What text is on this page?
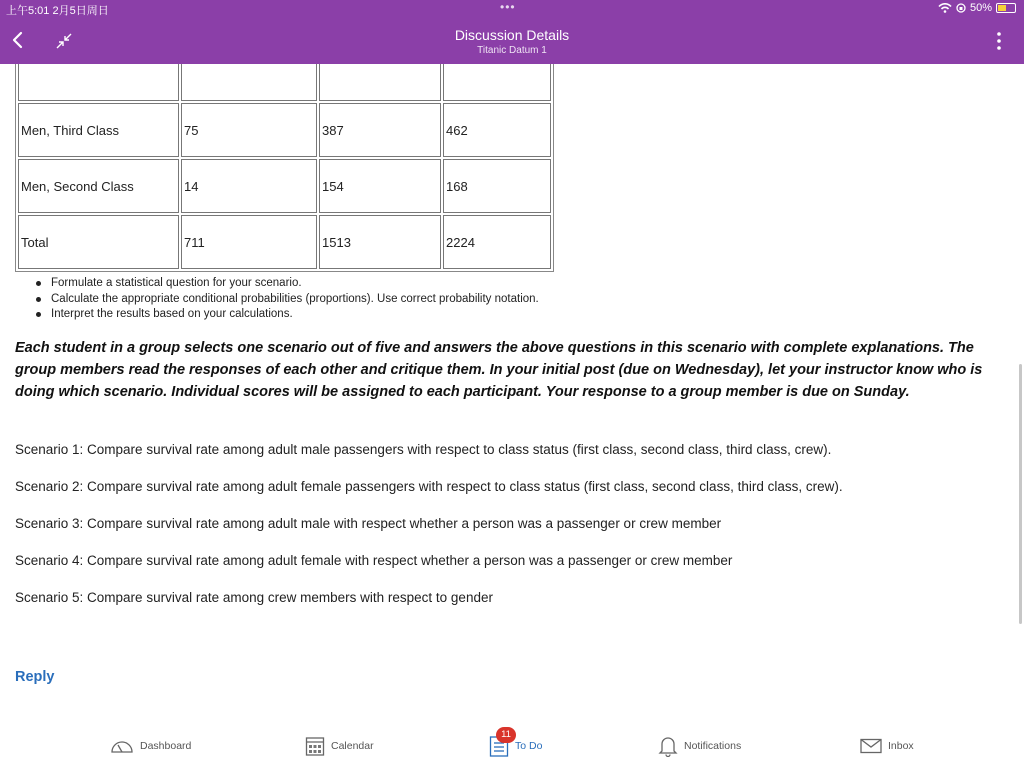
上午5:01 2月5日周日	•••	50%
Discussion Details
Titanic Datum 1

Men, Third Class	75	387	462
Men, Second Class	14	154	168
Total	711	1513	2224
Formulate a statistical question for your scenario.
Calculate the appropriate conditional probabilities (proportions). Use correct probability notation.
Interpret the results based on your calculations.
Each student in a group selects one scenario out of five and answers the above questions in this scenario with complete explanations. The group members read the responses of each other and critique them. In your initial post (due on Wednesday), let your instructor know who is doing which scenario. Individual scores will be assigned to each participant. Your response to a group member is due on Sunday.
Scenario 1: Compare survival rate among adult male passengers with respect to class status (first class, second class, third class, crew).
Scenario 2: Compare survival rate among adult female passengers with respect to class status (first class, second class, third class, crew).
Scenario 3: Compare survival rate among adult male with respect whether a person was a passenger or crew member
Scenario 4: Compare survival rate among adult female with respect whether a person was a passenger or crew member
Scenario 5: Compare survival rate among crew members with respect to gender
Reply
Dashboard	Calendar
11
To Do	Notifications	Inbox
